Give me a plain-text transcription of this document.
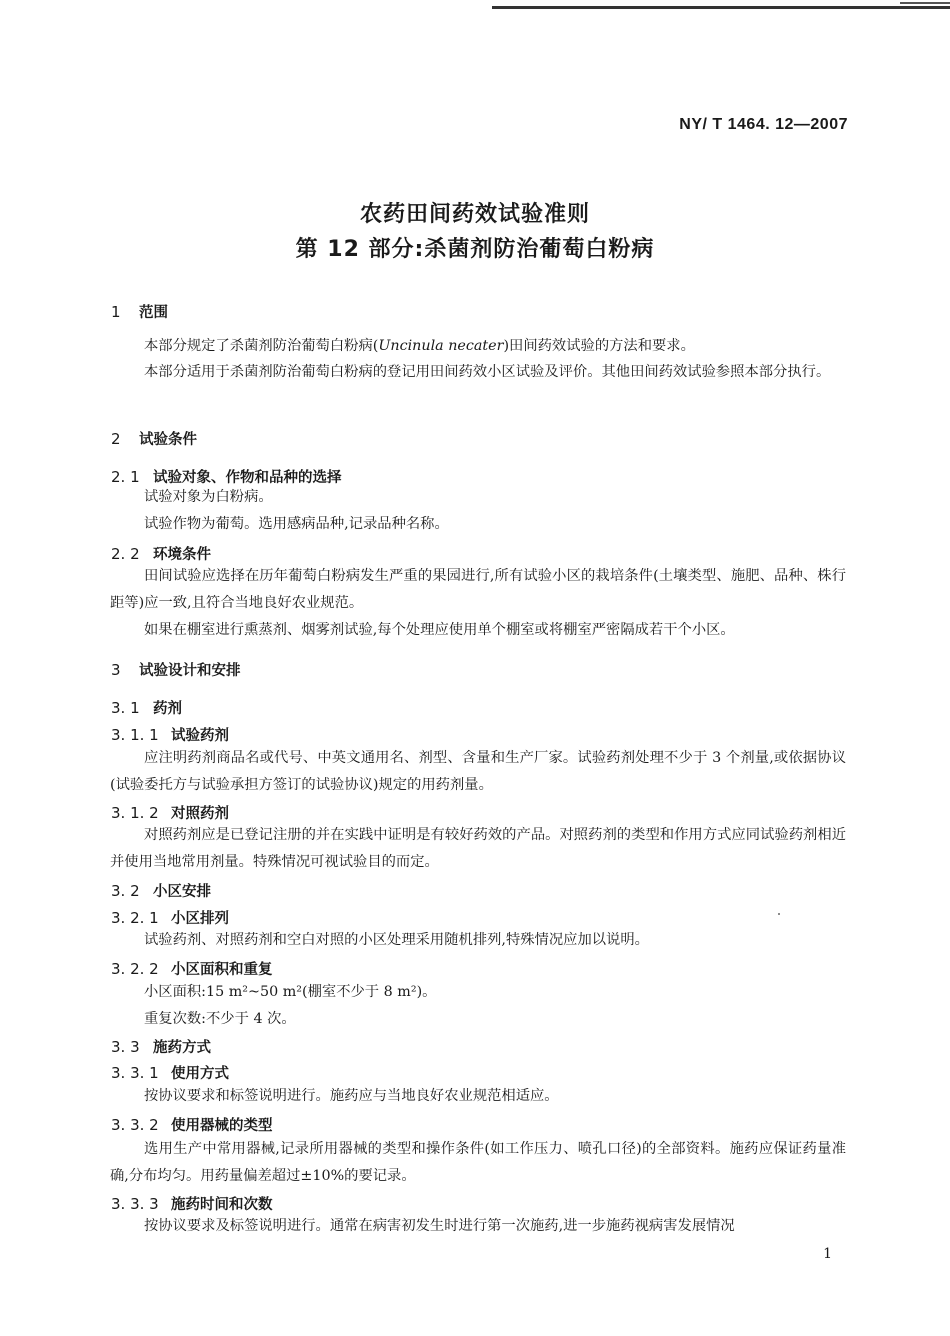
NY/ T 1464. 12—2007
农药田间药效试验准则
第 12 部分:杀菌剂防治葡萄白粉病
1 范围
本部分规定了杀菌剂防治葡萄白粉病(Uncinula necater)田间药效试验的方法和要求。
本部分适用于杀菌剂防治葡萄白粉病的登记用田间药效小区试验及评价。其他田间药效试验参照本部分执行。
2 试验条件
2. 1 试验对象、作物和品种的选择
试验对象为白粉病。
试验作物为葡萄。选用感病品种,记录品种名称。
2. 2 环境条件
田间试验应选择在历年葡萄白粉病发生严重的果园进行,所有试验小区的栽培条件(土壤类型、施肥、品种、株行距等)应一致,且符合当地良好农业规范。
如果在棚室进行熏蒸剂、烟雾剂试验,每个处理应使用单个棚室或将棚室严密隔成若干个小区。
3 试验设计和安排
3. 1 药剂
3. 1. 1 试验药剂
应注明药剂商品名或代号、中英文通用名、剂型、含量和生产厂家。试验药剂处理不少于 3 个剂量,或依据协议(试验委托方与试验承担方签订的试验协议)规定的用药剂量。
3. 1. 2 对照药剂
对照药剂应是已登记注册的并在实践中证明是有较好药效的产品。对照药剂的类型和作用方式应同试验药剂相近并使用当地常用剂量。特殊情况可视试验目的而定。
3. 2 小区安排
3. 2. 1 小区排列
试验药剂、对照药剂和空白对照的小区处理采用随机排列,特殊情况应加以说明。
3. 2. 2 小区面积和重复
小区面积:15 m²~50 m²(棚室不少于 8 m²)。
重复次数:不少于 4 次。
3. 3 施药方式
3. 3. 1 使用方式
按协议要求和标签说明进行。施药应与当地良好农业规范相适应。
3. 3. 2 使用器械的类型
选用生产中常用器械,记录所用器械的类型和操作条件(如工作压力、喷孔口径)的全部资料。施药应保证药量准确,分布均匀。用药量偏差超过±10%的要记录。
3. 3. 3 施药时间和次数
按协议要求及标签说明进行。通常在病害初发生时进行第一次施药,进一步施药视病害发展情况
1
